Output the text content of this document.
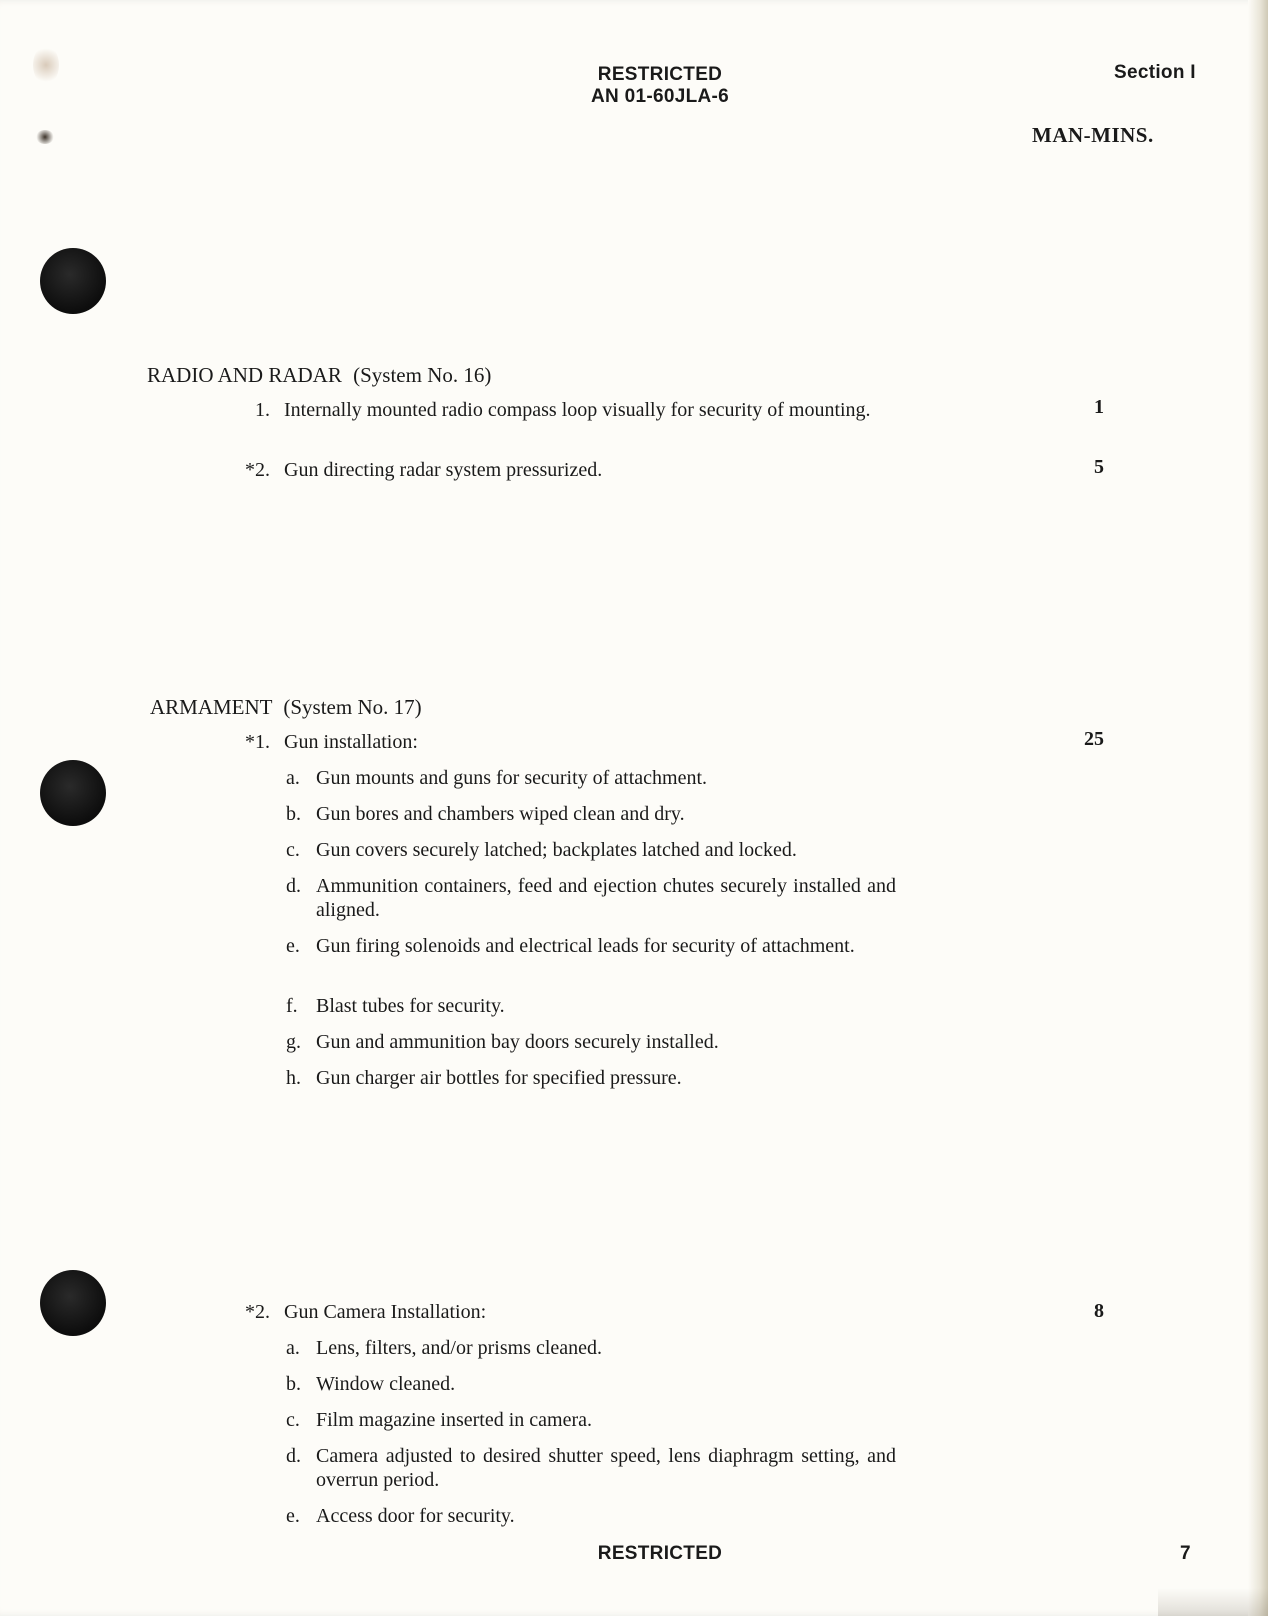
RESTRICTED
AN 01-60JLA-6
Section I
MAN-MINS.
RADIO AND RADAR (System No. 16)
1. Internally mounted radio compass loop visually for security of mounting.	1
*2. Gun directing radar system pressurized.	5
ARMAMENT (System No. 17)
*1. Gun installation:	25
a. Gun mounts and guns for security of attachment.
b. Gun bores and chambers wiped clean and dry.
c. Gun covers securely latched; backplates latched and locked.
d. Ammunition containers, feed and ejection chutes securely installed and aligned.
e. Gun firing solenoids and electrical leads for security of attachment.
f. Blast tubes for security.
g. Gun and ammunition bay doors securely installed.
h. Gun charger air bottles for specified pressure.
*2. Gun Camera Installation:	8
a. Lens, filters, and/or prisms cleaned.
b. Window cleaned.
c. Film magazine inserted in camera.
d. Camera adjusted to desired shutter speed, lens diaphragm setting, and overrun period.
e. Access door for security.
RESTRICTED	7
